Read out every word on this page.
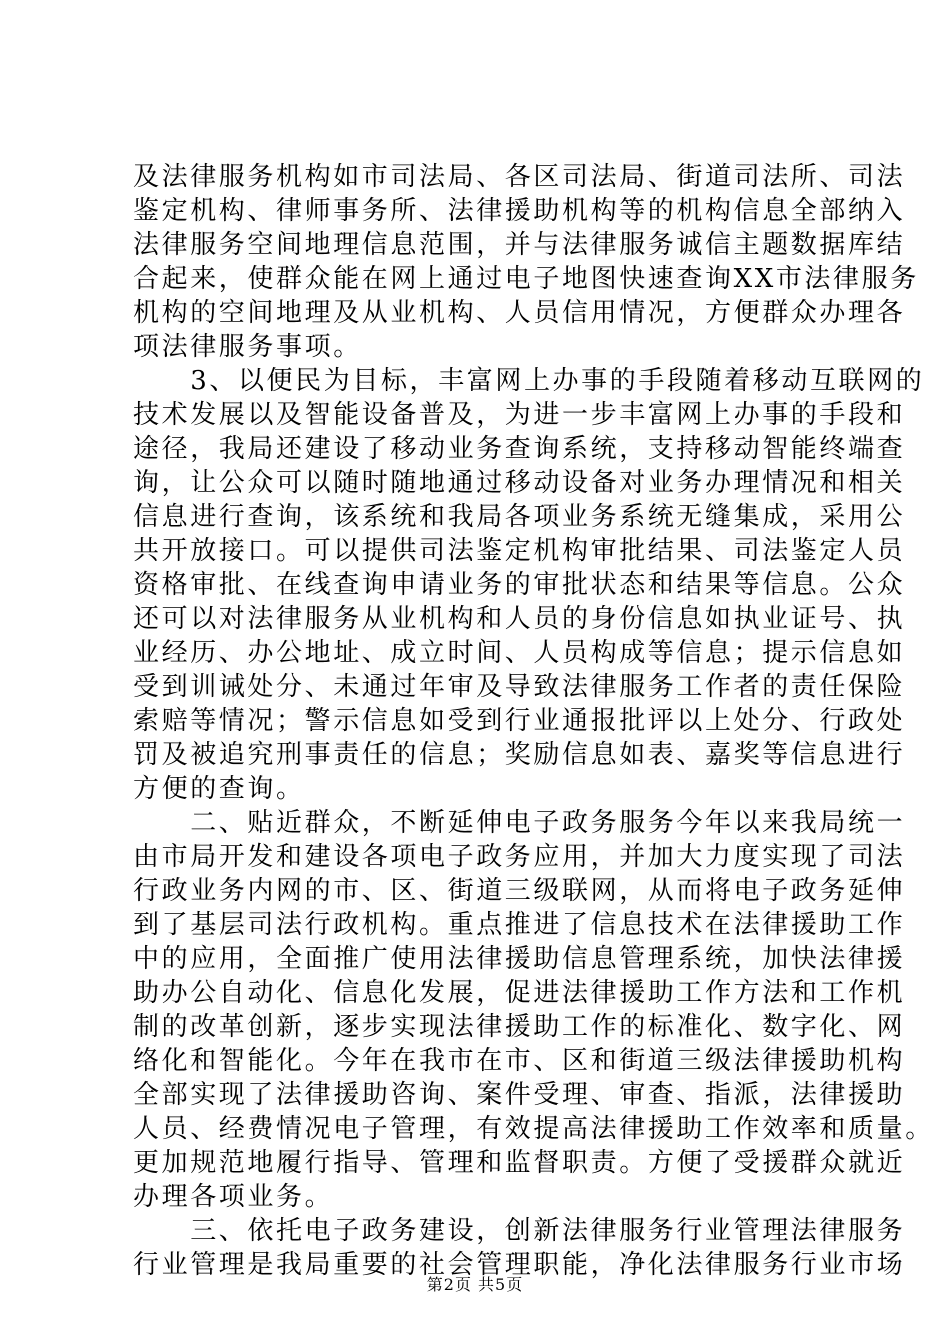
及法律服务机构如市司法局、各区司法局、街道司法所、司法
鉴定机构、律师事务所、法律援助机构等的机构信息全部纳入
法律服务空间地理信息范围，并与法律服务诚信主题数据库结
合起来，使群众能在网上通过电子地图快速查询XX市法律服务
机构的空间地理及从业机构、人员信用情况，方便群众办理各
项法律服务事项。
　　3、以便民为目标，丰富网上办事的手段随着移动互联网的
技术发展以及智能设备普及，为进一步丰富网上办事的手段和
途径，我局还建设了移动业务查询系统，支持移动智能终端查
询，让公众可以随时随地通过移动设备对业务办理情况和相关
信息进行查询，该系统和我局各项业务系统无缝集成，采用公
共开放接口。可以提供司法鉴定机构审批结果、司法鉴定人员
资格审批、在线查询申请业务的审批状态和结果等信息。公众
还可以对法律服务从业机构和人员的身份信息如执业证号、执
业经历、办公地址、成立时间、人员构成等信息；提示信息如
受到训诫处分、未通过年审及导致法律服务工作者的责任保险
索赔等情况；警示信息如受到行业通报批评以上处分、行政处
罚及被追究刑事责任的信息；奖励信息如表、嘉奖等信息进行
方便的查询。
　　二、贴近群众，不断延伸电子政务服务今年以来我局统一
由市局开发和建设各项电子政务应用，并加大力度实现了司法
行政业务内网的市、区、街道三级联网，从而将电子政务延伸
到了基层司法行政机构。重点推进了信息技术在法律援助工作
中的应用，全面推广使用法律援助信息管理系统，加快法律援
助办公自动化、信息化发展，促进法律援助工作方法和工作机
制的改革创新，逐步实现法律援助工作的标准化、数字化、网
络化和智能化。今年在我市在市、区和街道三级法律援助机构
全部实现了法律援助咨询、案件受理、审查、指派，法律援助
人员、经费情况电子管理，有效提高法律援助工作效率和质量。
更加规范地履行指导、管理和监督职责。方便了受援群众就近
办理各项业务。
　　三、依托电子政务建设，创新法律服务行业管理法律服务
行业管理是我局重要的社会管理职能，净化法律服务行业市场
第2页 共5页
